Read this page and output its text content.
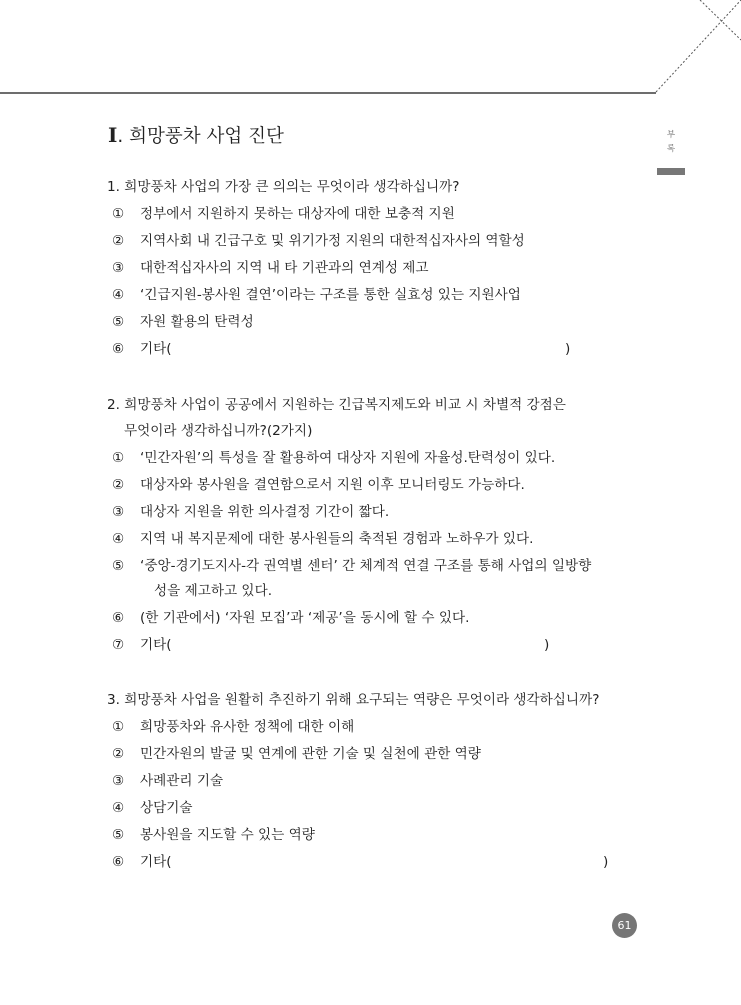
Ⅰ. 희망풍차 사업 진단	부
록

1. 희망풍차 사업의 가장 큰 의의는 무엇이라 생각하십니까?

① 정부에서 지원하지 못하는 대상자에 대한 보충적 지원
② 지역사회 내 긴급구호 및 위기가정 지원의 대한적십자사의 역할성
③ 대한적십자사의 지역 내 타 기관과의 연계성 제고
④ ‘긴급지원-봉사원 결연’이라는 구조를 통한 실효성 있는 지원사업
⑤ 자원 활용의 탄력성
⑥ 기타(	)

2. 희망풍차 사업이 공공에서 지원하는 긴급복지제도와 비교 시 차별적 강점은

무엇이라 생각하십니까?(2가지)

① ‘민간자원’의 특성을 잘 활용하여 대상자 지원에 자율성.탄력성이 있다.
② 대상자와 봉사원을 결연함으로서 지원 이후 모니터링도 가능하다.
③ 대상자 지원을 위한 의사결정 기간이 짧다.
④ 지역 내 복지문제에 대한 봉사원들의 축적된 경험과 노하우가 있다.
⑤ ‘중앙-경기도지사-각 권역별 센터’ 간 체계적 연결 구조를 통해 사업의 일방향
성을 제고하고 있다.
⑥ (한 기관에서) ‘자원 모집’과 ‘제공’을 동시에 할 수 있다.
⑦ 기타(	)

3. 희망풍차 사업을 원활히 추진하기 위해 요구되는 역량은 무엇이라 생각하십니까?

① 희망풍차와 유사한 정책에 대한 이해
② 민간자원의 발굴 및 연계에 관한 기술 및 실천에 관한 역량
③ 사례관리 기술
④ 상담기술
⑤ 봉사원을 지도할 수 있는 역량
⑥ 기타(	)
61
